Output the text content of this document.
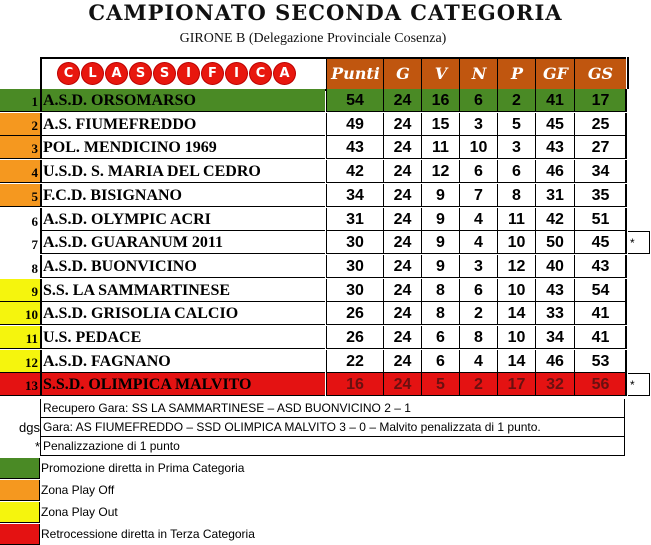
CAMPIONATO SECONDA CATEGORIA
GIRONE B (Delegazione Provinciale Cosenza)
C	L	A	S	S	I	F	I	C	A	Punti	G	V	N	P	GF	GS
1 A.S.D. ORSOMARSO	54	24	16	6	2	41	17
2 A.S. FIUMEFREDDO	49	24	15	3	5	45	25
3 POL. MENDICINO 1969	43	24	11	10	3	43	27
4 U.S.D. S. MARIA DEL CEDRO	42	24	12	6	6	46	34
5 F.C.D. BISIGNANO	34	24	9	7	8	31	35
6 A.S.D. OLYMPIC ACRI	31	24	9	4	11	42	51
7 A.S.D. GUARANUM 2011	30	24	9	4	10	50	45	*
8 A.S.D. BUONVICINO	30	24	9	3	12	40	43
9 S.S. LA SAMMARTINESE	30	24	8	6	10	43	54
10 A.S.D. GRISOLIA CALCIO	26	24	8	2	14	33	41
11 U.S. PEDACE	26	24	6	8	10	34	41
12 A.S.D. FAGNANO	22	24	6	4	14	46	53
13 S.S.D. OLIMPICA MALVITO	16	24	5	2	17	32	56	*
Recupero Gara: SS LA SAMMARTINESE – ASD BUONVICINO 2 – 1
dgs Gara: AS FIUMEFREDDO – SSD OLIMPICA MALVITO 3 – 0 – Malvito penalizzata di 1 punto.
* Penalizzazione di 1 punto
Promozione diretta in Prima Categoria
Zona Play Off
Zona Play Out
Retrocessione diretta in Terza Categoria
